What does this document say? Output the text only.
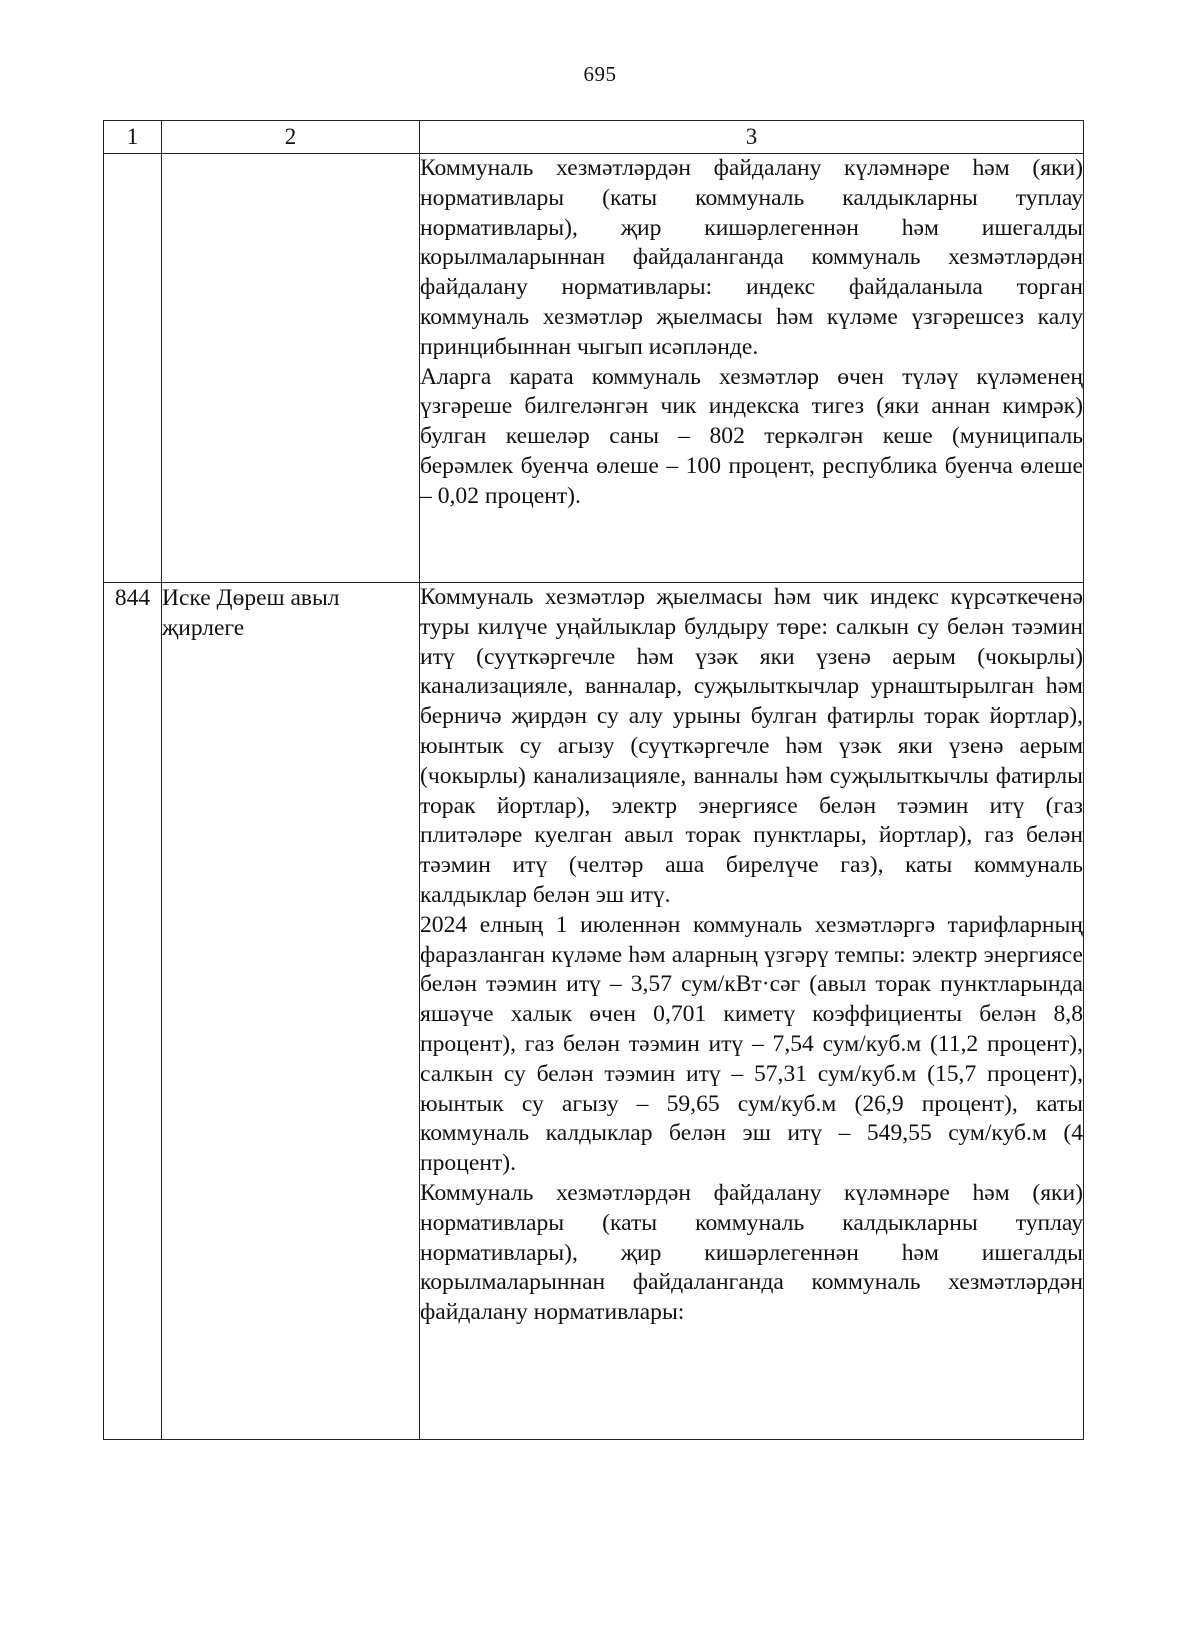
695
1	2	3

		Коммуналь хезмәтләрдән файдалану күләмнәре һәм (яки) нормативлары (каты коммуналь калдыкларны туплау нормативлары), җир кишәрлегеннән һәм ишегалды корылмаларыннан файдаланганда коммуналь хезмәтләрдән файдалану нормативлары: индекс файдаланыла торган коммуналь хезмәтләр җыелмасы һәм күләме үзгәрешсез калу принцибыннан чыгып исәпләнде.

Аларга карата коммуналь хезмәтләр өчен түләү күләменең үзгәреше билгеләнгән чик индекска тигез (яки аннан кимрәк) булган кешеләр саны – 802 теркәлгән кеше (муниципаль берәмлек буенча өлеше – 100 процент, республика буенча өлеше – 0,02 процент).

844	Иске Дөреш авыл җирлеге	Коммуналь хезмәтләр җыелмасы һәм чик индекс күрсәткеченә туры килүче уңайлыклар булдыру төре: салкын су белән тәэмин итү (суүткәргечле һәм үзәк яки үзенә аерым (чокырлы) канализацияле, ванналар, суҗылыткычлар урнаштырылган һәм берничә җирдән су алу урыны булган фатирлы торак йортлар), юынтык су агызу (суүткәргечле һәм үзәк яки үзенә аерым (чокырлы) канализацияле, ванналы һәм суҗылыткычлы фатирлы торак йортлар), электр энергиясе белән тәэмин итү (газ плитәләре куелган авыл торак пунктлары, йортлар), газ белән тәэмин итү (челтәр аша бирелүче газ), каты коммуналь калдыклар белән эш итү.

2024 елның 1 июленнән коммуналь хезмәтләргә тарифларның фаразланган күләме һәм аларның үзгәрү темпы: электр энергиясе белән тәэмин итү – 3,57 сум/кВт·сәг (авыл торак пунктларында яшәүче халык өчен 0,701 киметү коэффициенты белән 8,8 процент), газ белән тәэмин итү – 7,54 сум/куб.м (11,2 процент), салкын су белән тәэмин итү – 57,31 сум/куб.м (15,7 процент), юынтык су агызу – 59,65 сум/куб.м (26,9 процент), каты коммуналь калдыклар белән эш итү – 549,55 сум/куб.м (4 процент).

Коммуналь хезмәтләрдән файдалану күләмнәре һәм (яки) нормативлары (каты коммуналь калдыкларны туплау нормативлары), җир кишәрлегеннән һәм ишегалды корылмаларыннан файдаланганда коммуналь хезмәтләрдән файдалану нормативлары:
